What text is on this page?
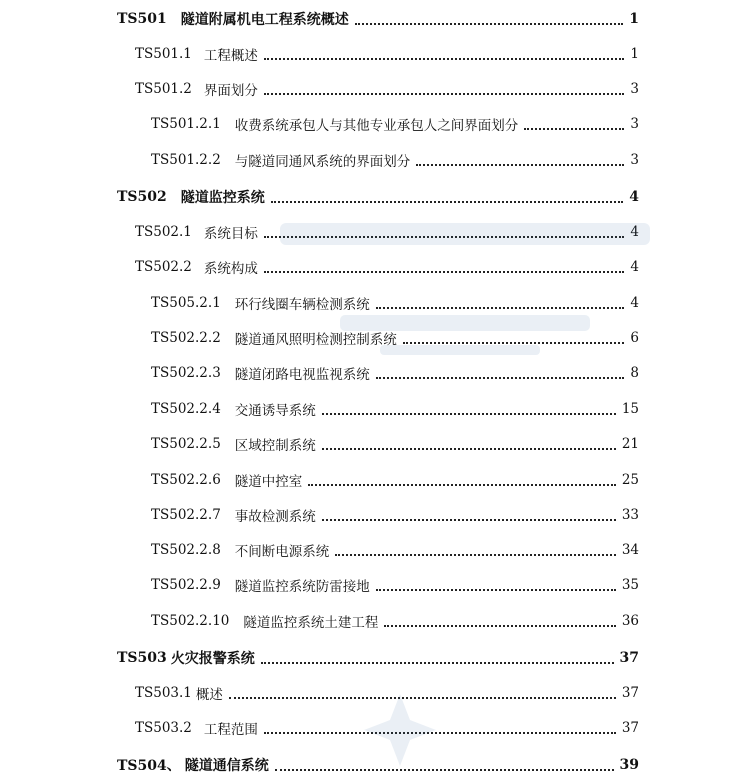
TS501 隧道附属机电工程系统概述	1
TS501.1 工程概述	1
TS501.2 界面划分	3
TS501.2.1 收费系统承包人与其他专业承包人之间界面划分	3
TS501.2.2 与隧道同通风系统的界面划分	3
TS502 隧道监控系统	4
TS502.1 系统目标	4
TS502.2 系统构成	4
TS505.2.1 环行线圈车辆检测系统	4
TS502.2.2 隧道通风照明检测控制系统	6
TS502.2.3 隧道闭路电视监视系统	8
TS502.2.4 交通诱导系统	15
TS502.2.5 区域控制系统	21
TS502.2.6 隧道中控室	25
TS502.2.7 事故检测系统	33
TS502.2.8 不间断电源系统	34
TS502.2.9 隧道监控系统防雷接地	35
TS502.2.10 隧道监控系统土建工程	36
TS503 火灾报警系统	37
TS503.1 概述	37
TS503.2 工程范围	37
TS504、 隧道通信系统	39
